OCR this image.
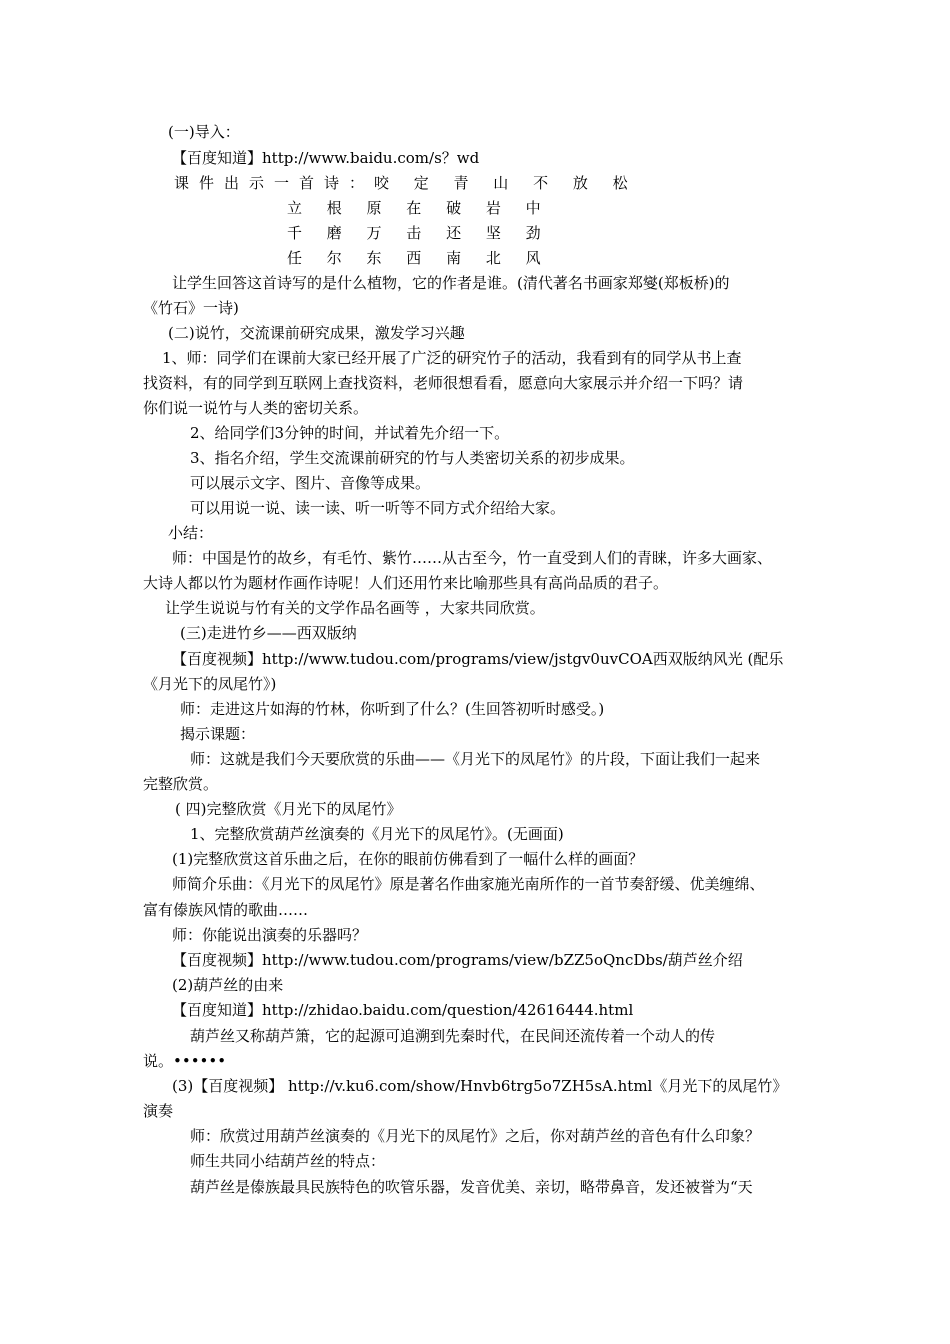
(一)导入：
【百度知道】http://www.baidu.com/s？wd
课件出示一首诗：咬 定 青 山 不 放 松
立 根 原 在 破 岩 中
千 磨 万 击 还 坚 劲
任 尔 东 西 南 北 风
让学生回答这首诗写的是什么植物，它的作者是谁。(清代著名书画家郑燮(郑板桥)的
《竹石》一诗)
(二)说竹，交流课前研究成果，激发学习兴趣
1、师：同学们在课前大家已经开展了广泛的研究竹子的活动，我看到有的同学从书上查
找资料，有的同学到互联网上查找资料，老师很想看看，愿意向大家展示并介绍一下吗？请
你们说一说竹与人类的密切关系。
2、给同学们3分钟的时间，并试着先介绍一下。
3、指名介绍，学生交流课前研究的竹与人类密切关系的初步成果。
可以展示文字、图片、音像等成果。
可以用说一说、读一读、听一听等不同方式介绍给大家。
小结：
师：中国是竹的故乡，有毛竹、紫竹……从古至今，竹一直受到人们的青睐，许多大画家、
大诗人都以竹为题材作画作诗呢！人们还用竹来比喻那些具有高尚品质的君子。
让学生说说与竹有关的文学作品名画等 ，大家共同欣赏。
(三)走进竹乡——西双版纳
【百度视频】http://www.tudou.com/programs/view/jstgv0uvCOA西双版纳风光 (配乐
《月光下的凤尾竹》)
师：走进这片如海的竹林，你听到了什么？(生回答初听时感受。)
揭示课题：
师：这就是我们今天要欣赏的乐曲——《月光下的凤尾竹》的片段，下面让我们一起来
完整欣赏。
( 四)完整欣赏《月光下的凤尾竹》
1、完整欣赏葫芦丝演奏的《月光下的凤尾竹》。(无画面)
(1)完整欣赏这首乐曲之后，在你的眼前仿佛看到了一幅什么样的画面？
师简介乐曲：《月光下的凤尾竹》原是著名作曲家施光南所作的一首节奏舒缓、优美缠绵、
富有傣族风情的歌曲……
师：你能说出演奏的乐器吗？
【百度视频】http://www.tudou.com/programs/view/bZZ5oQncDbs/葫芦丝介绍
(2)葫芦丝的由来
【百度知道】http://zhidao.baidu.com/question/42616444.html
葫芦丝又称葫芦箫，它的起源可追溯到先秦时代，在民间还流传着一个动人的传
说。••••••
(3)【百度视频】 http://v.ku6.com/show/Hnvb6trg5o7ZH5sA.html《月光下的凤尾竹》
演奏
师：欣赏过用葫芦丝演奏的《月光下的凤尾竹》之后，你对葫芦丝的音色有什么印象？
师生共同小结葫芦丝的特点：
葫芦丝是傣族最具民族特色的吹管乐器，发音优美、亲切，略带鼻音，发还被誉为“天
